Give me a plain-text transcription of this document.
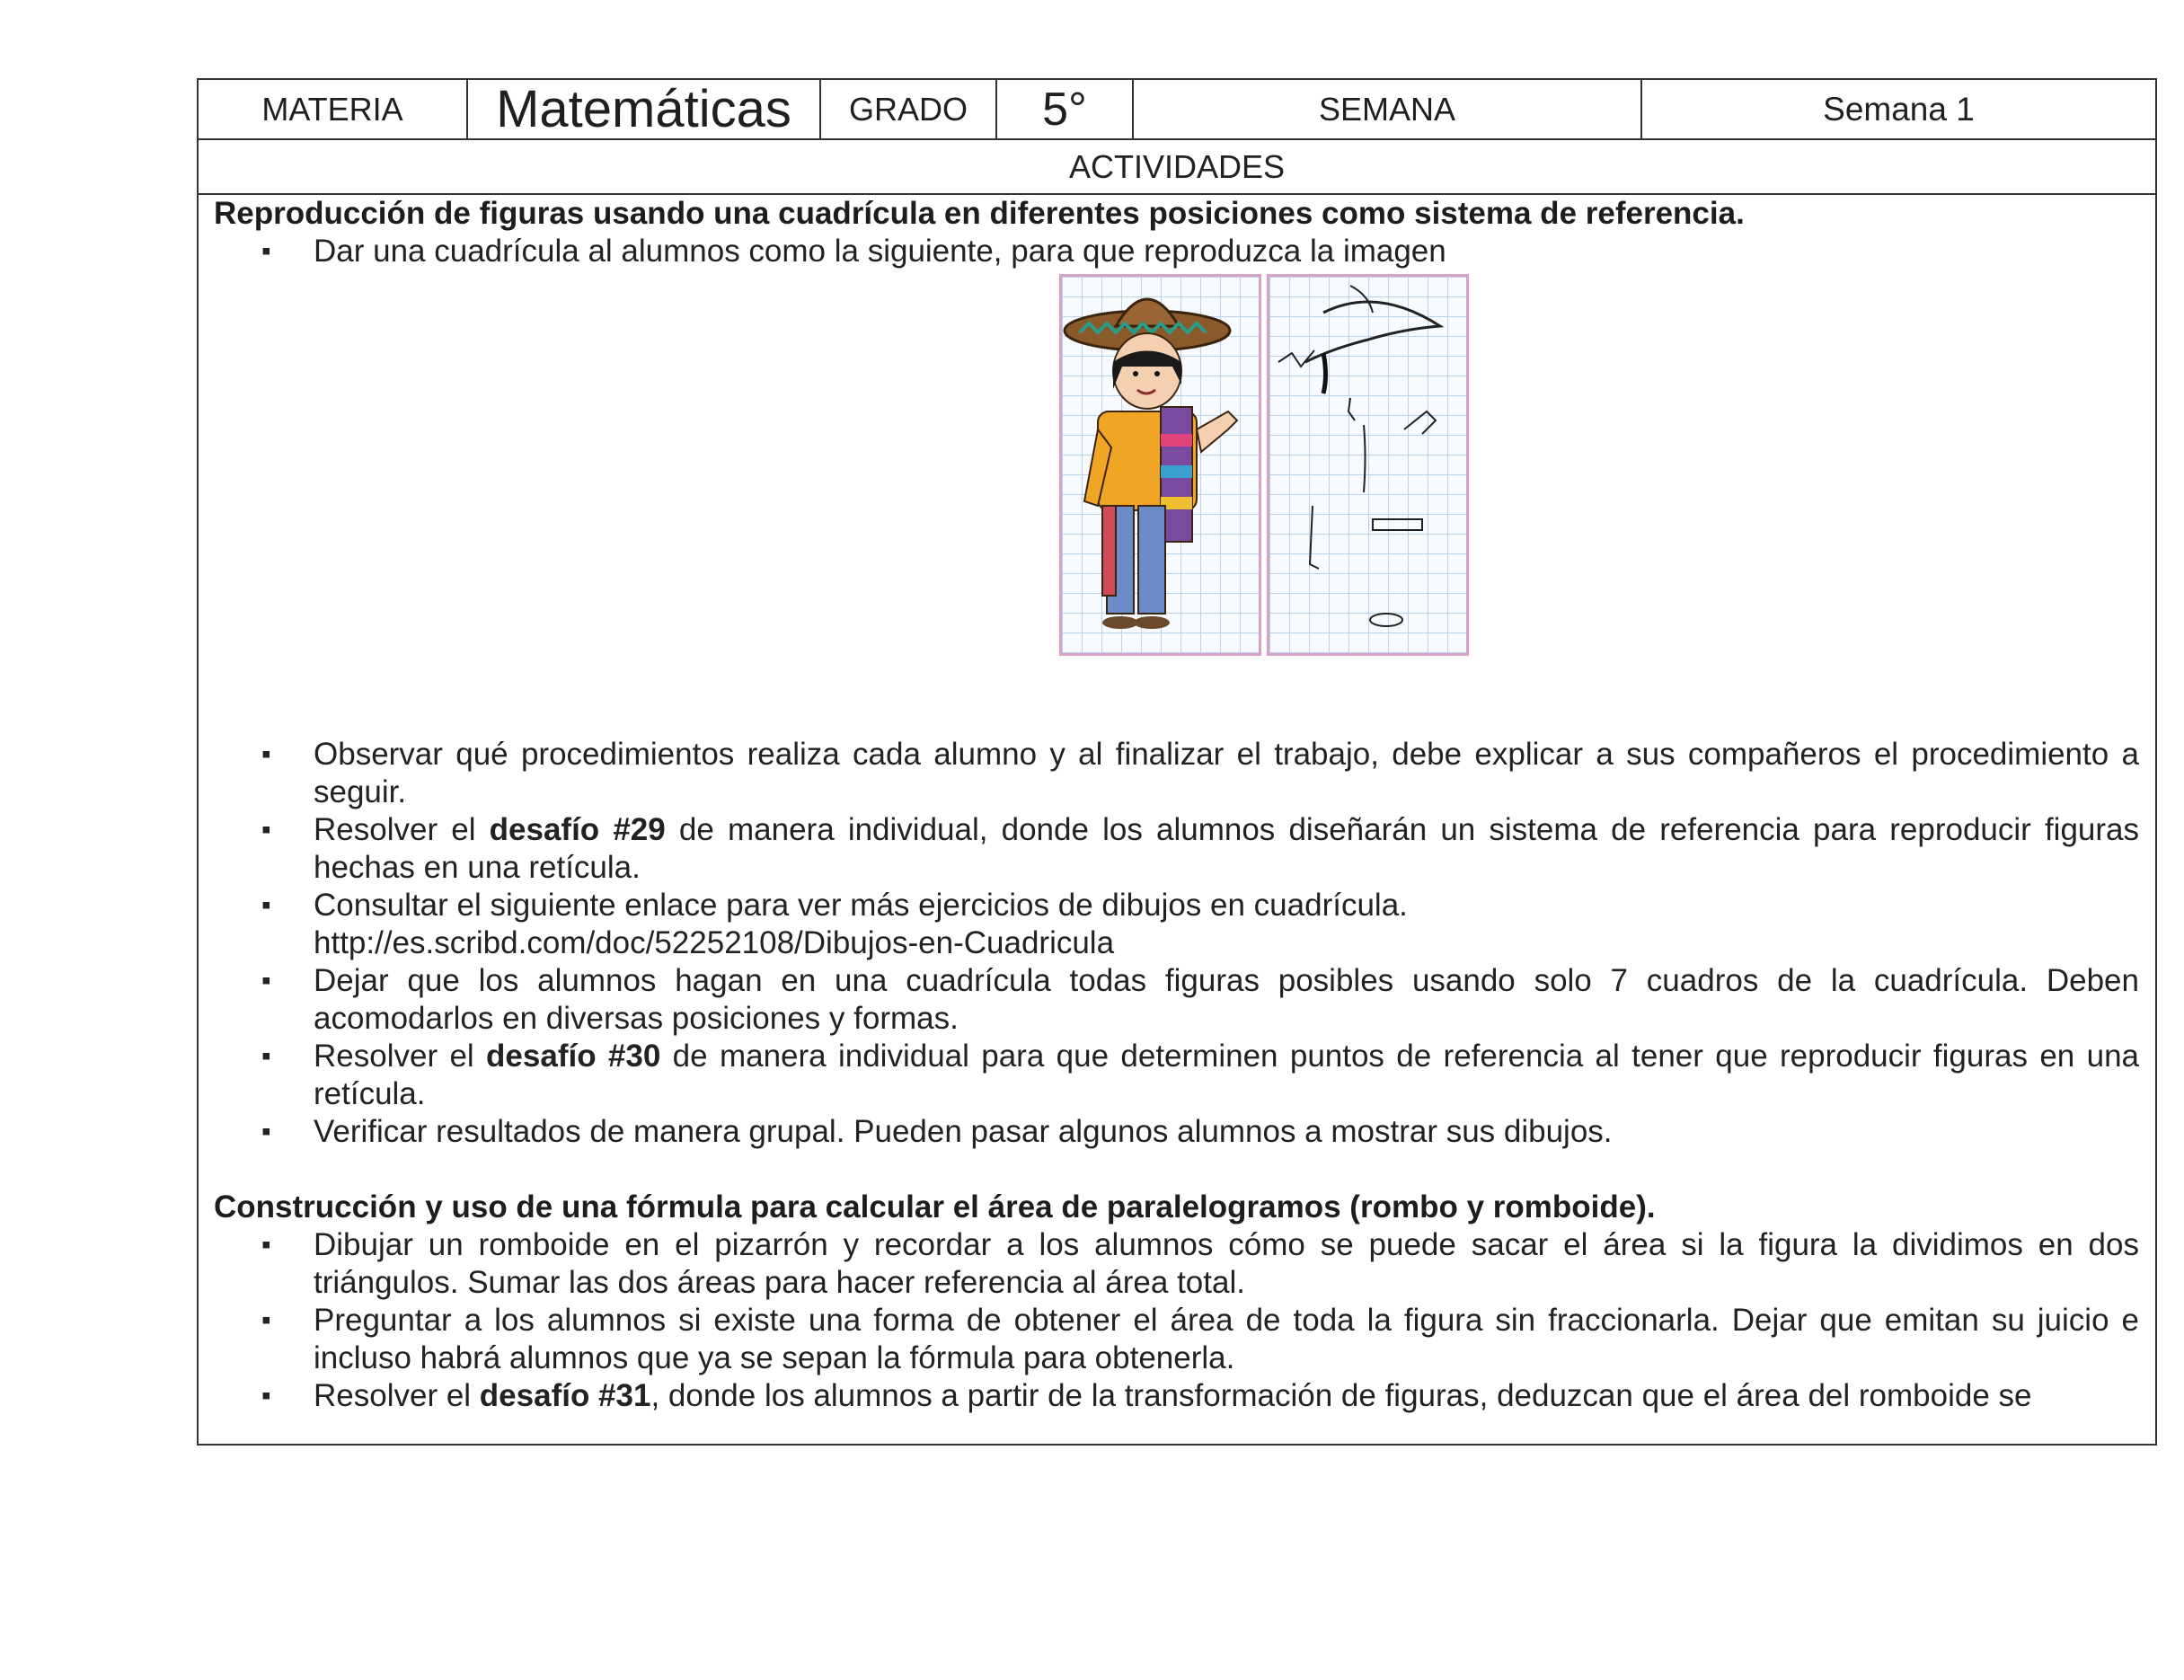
MATERIA	Matemáticas	GRADO	5°	SEMANA	Semana 1
ACTIVIDADES

Reproducción de figuras usando una cuadrícula en diferentes posiciones como sistema de referencia.

▪ Dar una cuadrícula al alumnos como la siguiente, para que reproduzca la imagen
▪ Observar qué procedimientos realiza cada alumno y al finalizar el trabajo, debe explicar a sus compañeros el procedimiento a seguir.
▪ Resolver el desafío #29 de manera individual, donde los alumnos diseñarán un sistema de referencia para reproducir figuras hechas en una retícula.
▪ Consultar el siguiente enlace para ver más ejercicios de dibujos en cuadrícula.
http://es.scribd.com/doc/52252108/Dibujos-en-Cuadricula
▪ Dejar que los alumnos hagan en una cuadrícula todas figuras posibles usando solo 7 cuadros de la cuadrícula. Deben acomodarlos en diversas posiciones y formas.
▪ Resolver el desafío #30 de manera individual para que determinen puntos de referencia al tener que reproducir figuras en una retícula.
▪ Verificar resultados de manera grupal. Pueden pasar algunos alumnos a mostrar sus dibujos.

Construcción y uso de una fórmula para calcular el área de paralelogramos (rombo y romboide).

▪ Dibujar un romboide en el pizarrón y recordar a los alumnos cómo se puede sacar el área si la figura la dividimos en dos triángulos. Sumar las dos áreas para hacer referencia al área total.
▪ Preguntar a los alumnos si existe una forma de obtener el área de toda la figura sin fraccionarla. Dejar que emitan su juicio e incluso habrá alumnos que ya se sepan la fórmula para obtenerla.
▪ Resolver el desafío #31, donde los alumnos a partir de la transformación de figuras, deduzcan que el área del romboide se
